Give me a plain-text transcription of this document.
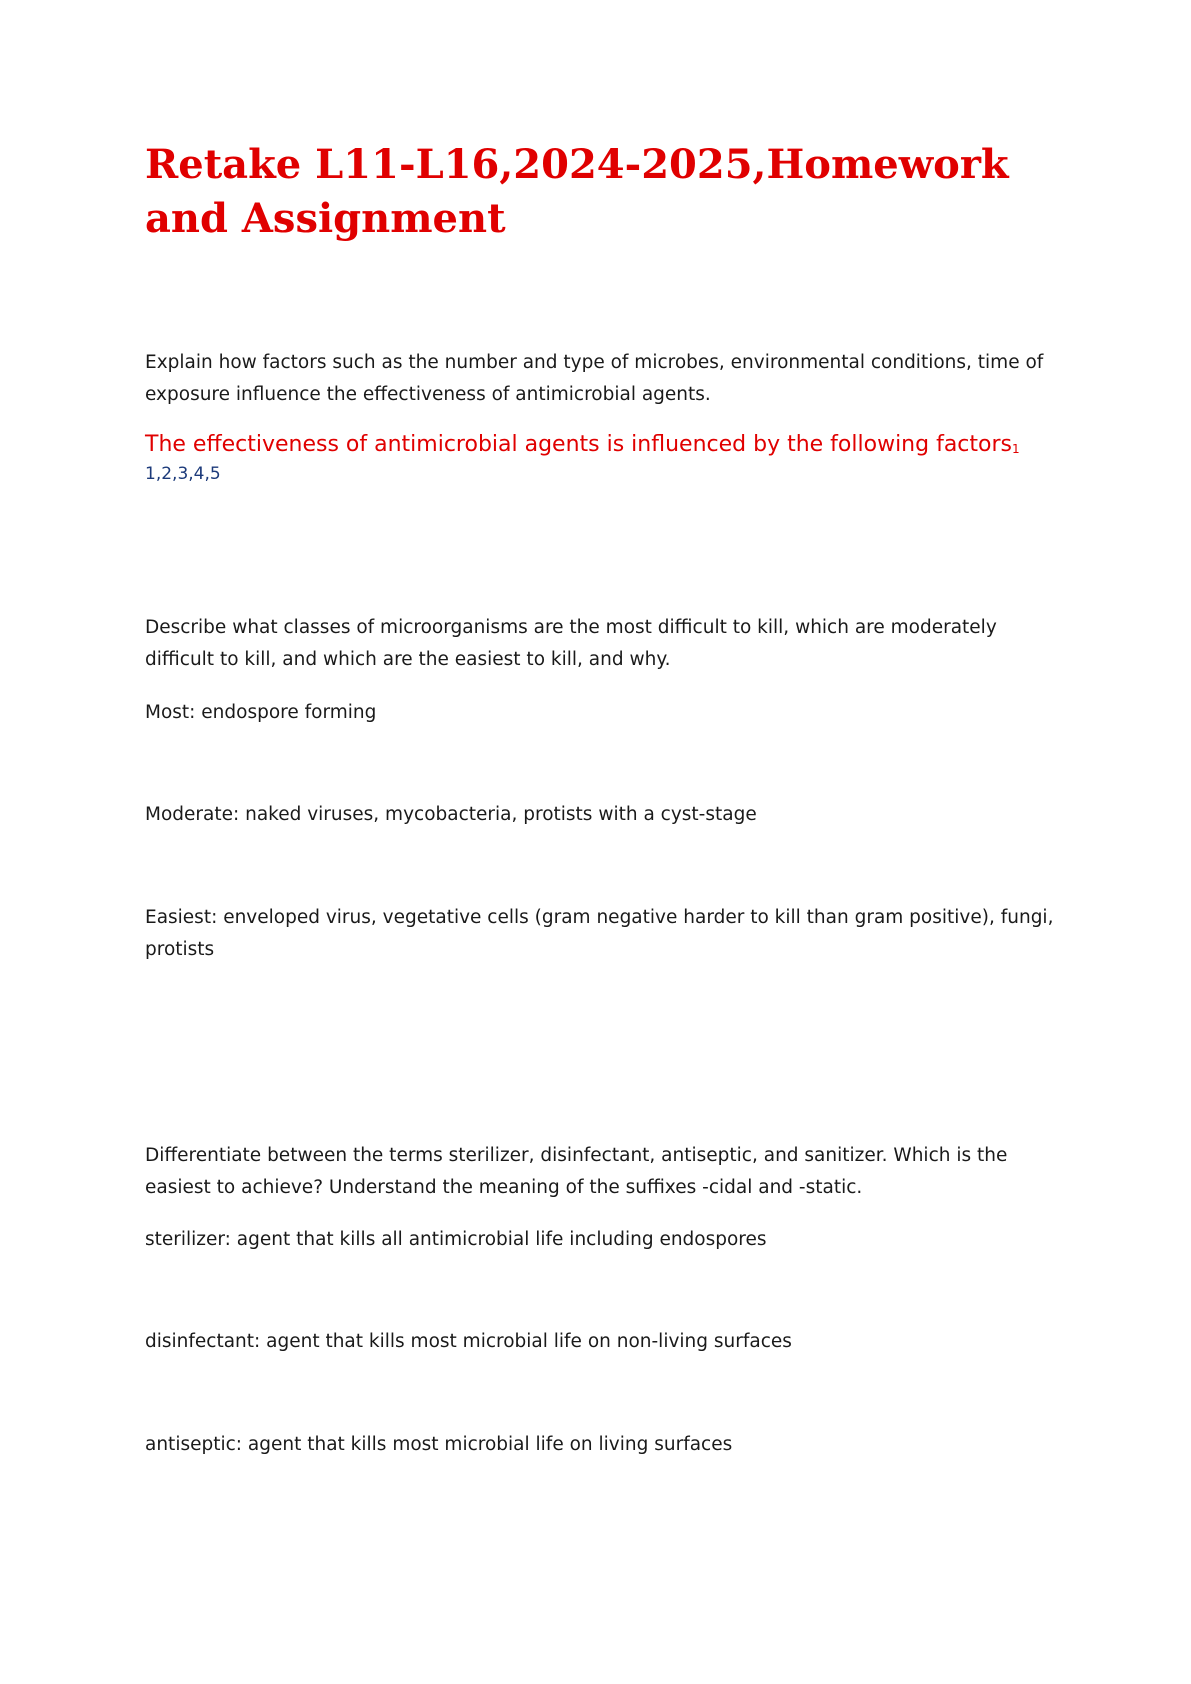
Retake L11-L16,2024-2025,Homework and Assignment

Explain how factors such as the number and type of microbes, environmental conditions, time of exposure influence the effectiveness of antimicrobial agents.

The effectiveness of antimicrobial agents is influenced by the following factors$^1$

1,2,3,4,5

Describe what classes of microorganisms are the most difficult to kill, which are moderately difficult to kill, and which are the easiest to kill, and why.

Most: endospore forming

Moderate: naked viruses, mycobacteria, protists with a cyst-stage

Easiest: enveloped virus, vegetative cells (gram negative harder to kill than gram positive), fungi, protists

Differentiate between the terms sterilizer, disinfectant, antiseptic, and sanitizer. Which is the easiest to achieve? Understand the meaning of the suffixes -cidal and -static.

sterilizer: agent that kills all antimicrobial life including endospores

disinfectant: agent that kills most microbial life on non-living surfaces

antiseptic: agent that kills most microbial life on living surfaces
